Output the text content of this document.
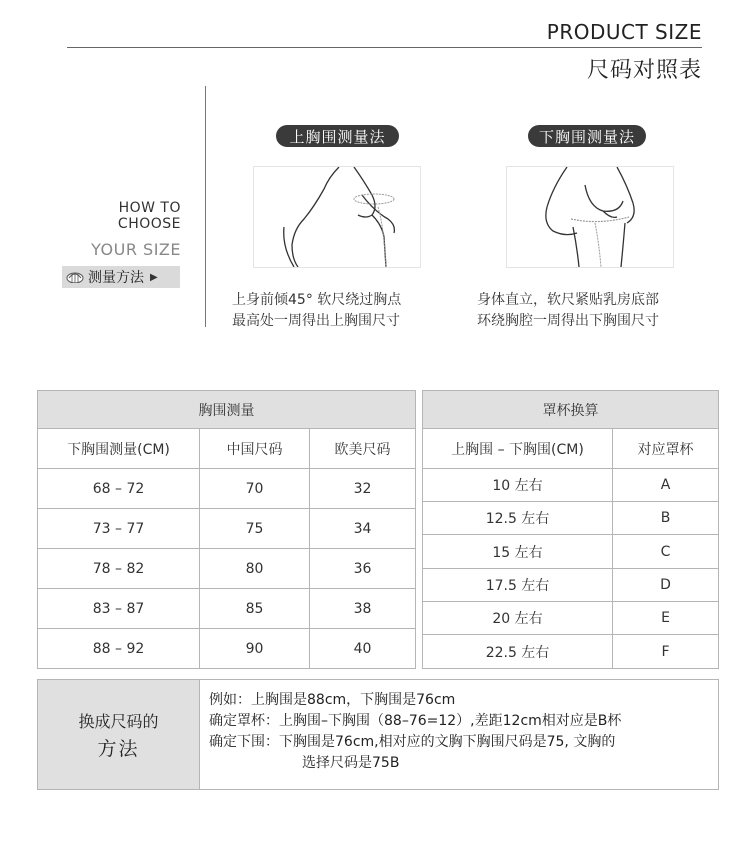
PRODUCT SIZE
尺码对照表
HOW TO
CHOOSE
YOUR SIZE
测量方法 ▶
上胸围测量法
上身前倾45° 软尺绕过胸点
最高处一周得出上胸围尺寸
下胸围测量法
身体直立，软尺紧贴乳房底部
环绕胸腔一周得出下胸围尺寸
胸围测量		
下胸围测量(CM)	中国尺码	欧美尺码
68 – 72	70	32
73 – 77	75	34
78 – 82	80	36
83 – 87	85	38
88 – 92	90	40
罩杯换算	
上胸围 – 下胸围(CM)	对应罩杯
10 左右	A
12.5 左右	B
15 左右	C
17.5 左右	D
20 左右	E
22.5 左右	F
换成尺码的
方法
例如：上胸围是88cm，下胸围是76cm
确定罩杯：上胸围–下胸围（88–76=12）,差距12cm相对应是B杯
确定下围：下胸围是76cm,相对应的文胸下胸围尺码是75, 文胸的
选择尺码是75B
